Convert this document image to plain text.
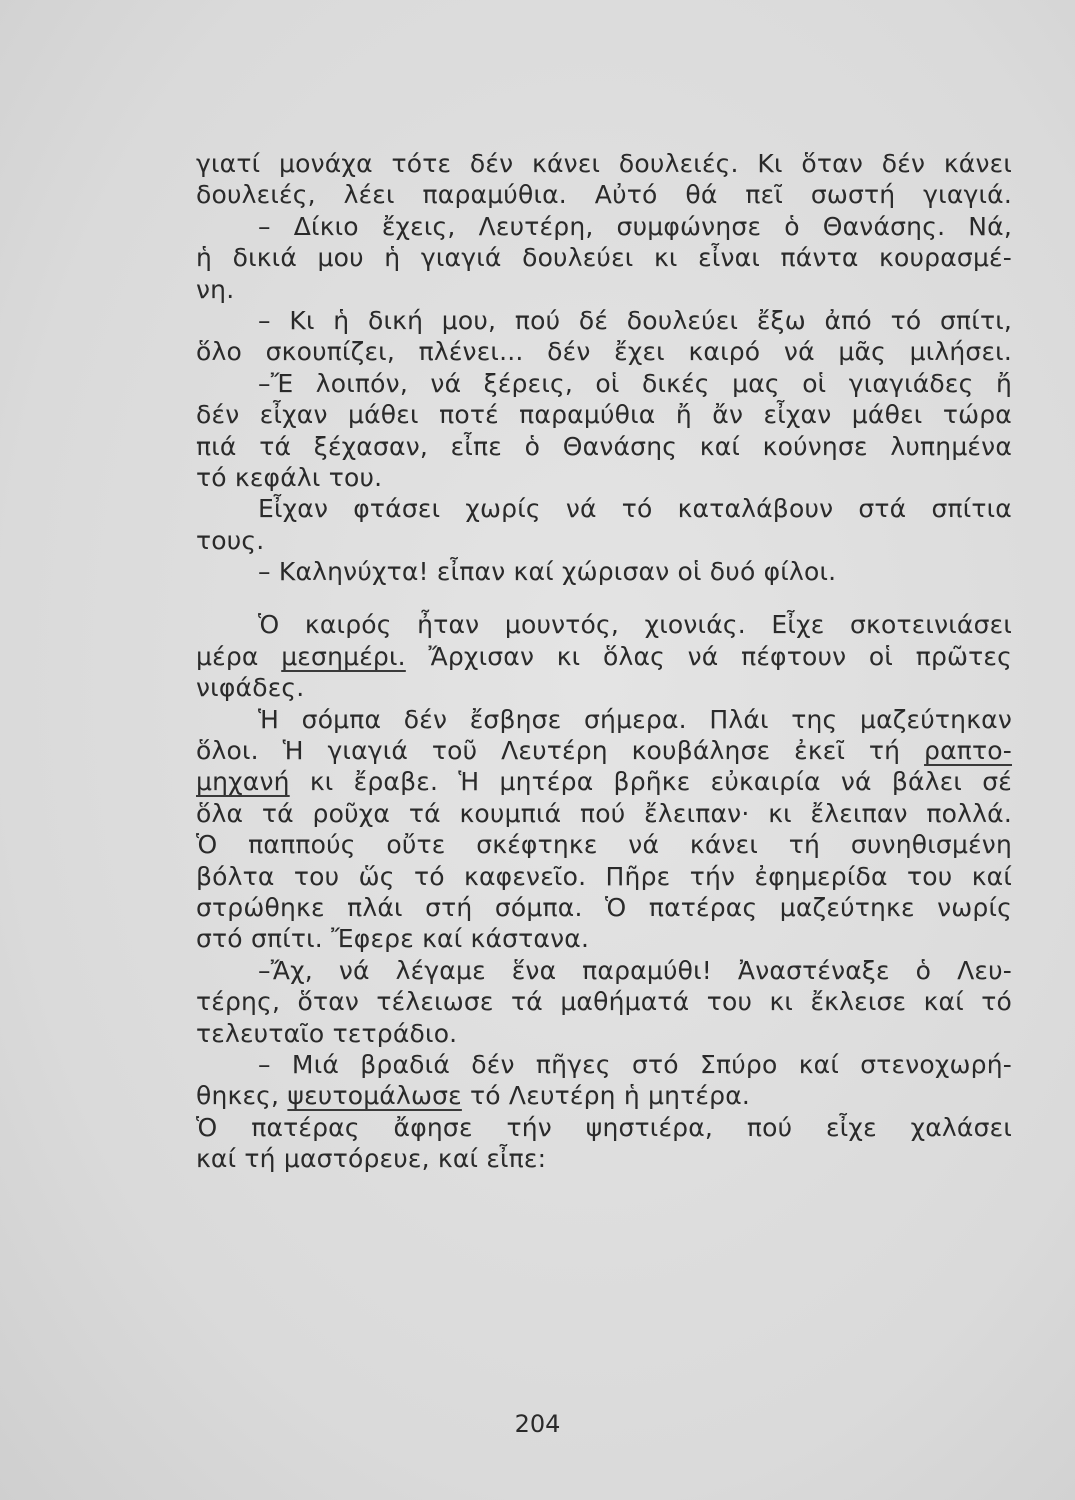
γιατί μονάχα τότε δέν κάνει δουλειές. Κι ὅταν δέν κάνει
δουλειές, λέει παραμύθια. Αὐτό θά πεῖ σωστή γιαγιά.
– Δίκιο ἔχεις, Λευτέρη, συμφώνησε ὁ Θανάσης. Νά,
ἡ δικιά μου ἡ γιαγιά δουλεύει κι εἶναι πάντα κουρασμέ-
νη.
– Κι ἡ δική μου, πού δέ δουλεύει ἔξω ἀπό τό σπίτι,
ὅλο σκουπίζει, πλένει... δέν ἔχει καιρό νά μᾶς μιλήσει.
–Ἔ λοιπόν, νά ξέρεις, οἱ δικές μας οἱ γιαγιάδες ἤ
δέν εἶχαν μάθει ποτέ παραμύθια ἤ ἄν εἶχαν μάθει τώρα
πιά τά ξέχασαν, εἶπε ὁ Θανάσης καί κούνησε λυπημένα
τό κεφάλι του.
Εἶχαν φτάσει χωρίς νά τό καταλάβουν στά σπίτια
τους.
– Καληνύχτα! εἶπαν καί χώρισαν οἱ δυό φίλοι.
Ὁ καιρός ἦταν μουντός, χιονιάς. Εἶχε σκοτεινιάσει
μέρα μεσημέρι. Ἄρχισαν κι ὅλας νά πέφτουν οἱ πρῶτες
νιφάδες.
Ἡ σόμπα δέν ἔσβησε σήμερα. Πλάι της μαζεύτηκαν
ὅλοι. Ἡ γιαγιά τοῦ Λευτέρη κουβάλησε ἐκεῖ τή ραπτο-
μηχανή κι ἔραβε. Ἡ μητέρα βρῆκε εὐκαιρία νά βάλει σέ
ὅλα τά ροῦχα τά κουμπιά πού ἔλειπαν· κι ἔλειπαν πολλά.
Ὁ παππούς οὔτε σκέφτηκε νά κάνει τή συνηθισμένη
βόλτα του ὥς τό καφενεῖο. Πῆρε τήν ἐφημερίδα του καί
στρώθηκε πλάι στή σόμπα. Ὁ πατέρας μαζεύτηκε νωρίς
στό σπίτι. Ἔφερε καί κάστανα.
–Ἄχ, νά λέγαμε ἕνα παραμύθι! Ἀναστέναξε ὁ Λευ-
τέρης, ὅταν τέλειωσε τά μαθήματά του κι ἔκλεισε καί τό
τελευταῖο τετράδιο.
– Μιά βραδιά δέν πῆγες στό Σπύρο καί στενοχωρή-
θηκες, ψευτομάλωσε τό Λευτέρη ἡ μητέρα.
Ὁ πατέρας ἄφησε τήν ψηστιέρα, πού εἶχε χαλάσει
καί τή μαστόρευε, καί εἶπε:
204
